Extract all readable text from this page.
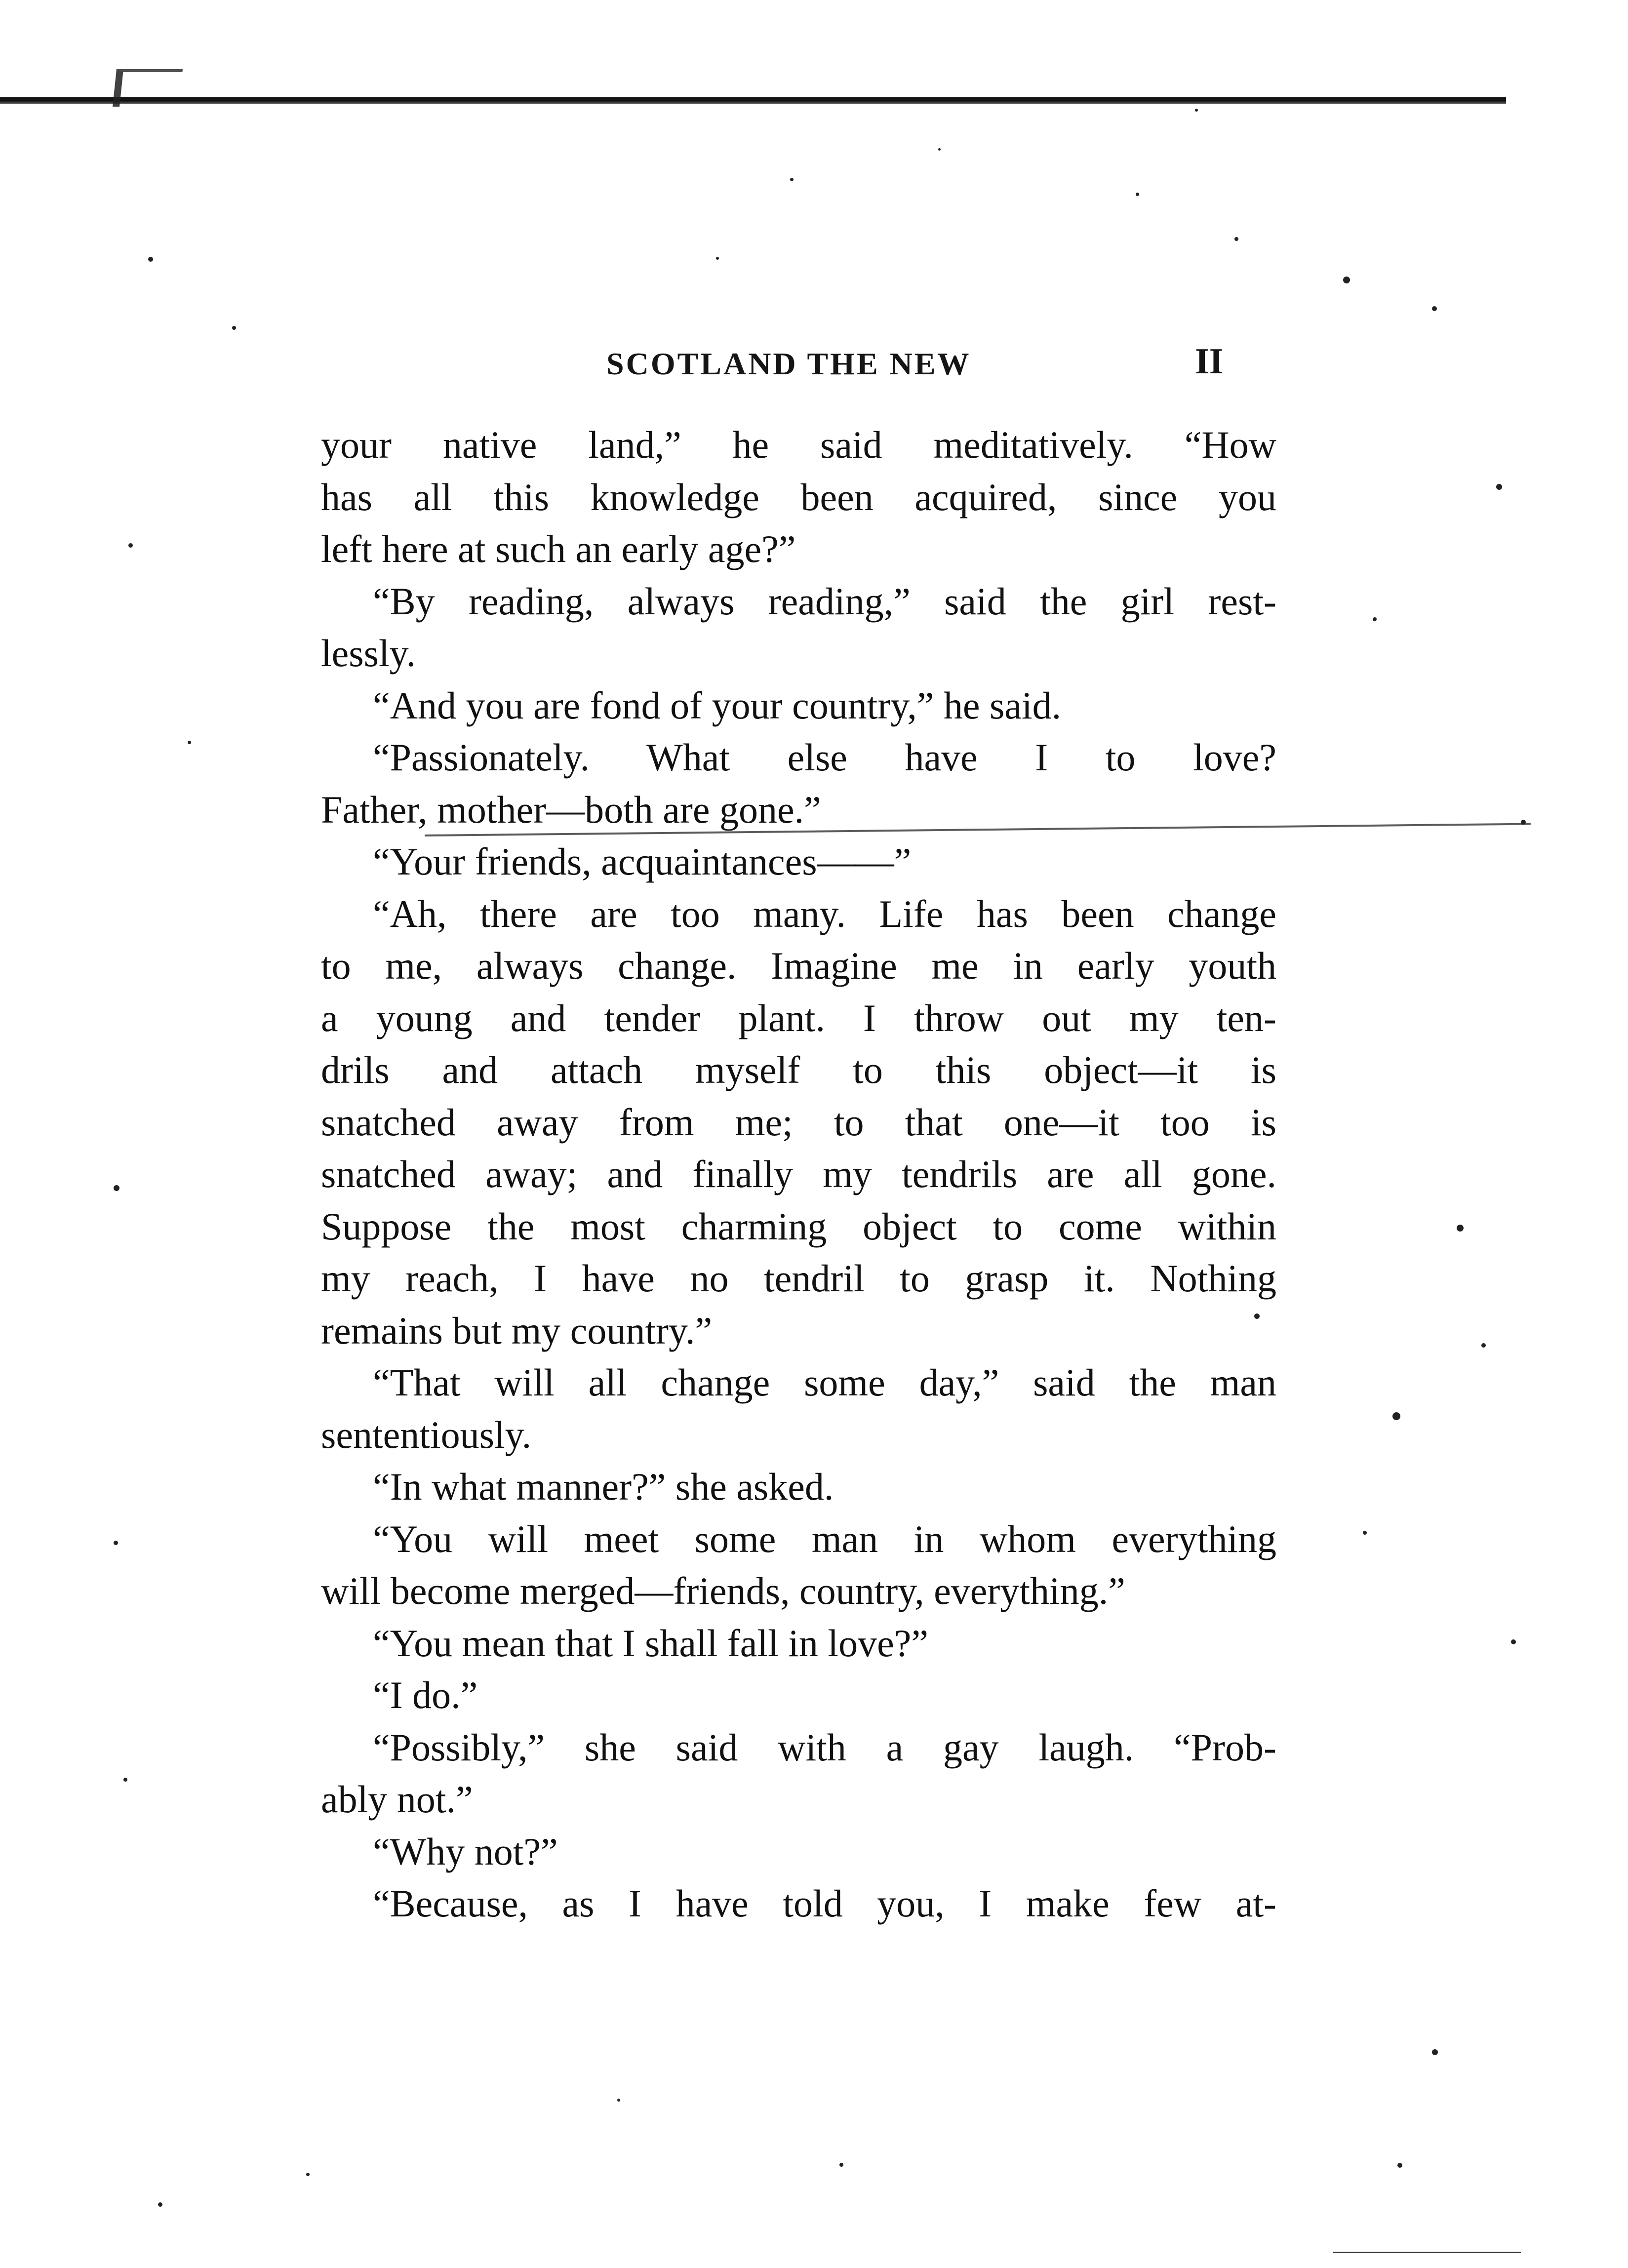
SCOTLAND THE NEW	II
your native land,” he said meditatively. “How
has all this knowledge been acquired, since you
left here at such an early age?”
“By reading, always reading,” said the girl rest-
lessly.
“And you are fond of your country,” he said.
“Passionately. What else have I to love?
Father, mother—both are gone.”
“Your friends, acquaintances——”
“Ah, there are too many. Life has been change
to me, always change. Imagine me in early youth
a young and tender plant. I throw out my ten-
drils and attach myself to this object—it is
snatched away from me; to that one—it too is
snatched away; and finally my tendrils are all gone.
Suppose the most charming object to come within
my reach, I have no tendril to grasp it. Nothing
remains but my country.”
“That will all change some day,” said the man
sententiously.
“In what manner?” she asked.
“You will meet some man in whom everything
will become merged—friends, country, everything.”
“You mean that I shall fall in love?”
“I do.”
“Possibly,” she said with a gay laugh. “Prob-
ably not.”
“Why not?”
“Because, as I have told you, I make few at-
